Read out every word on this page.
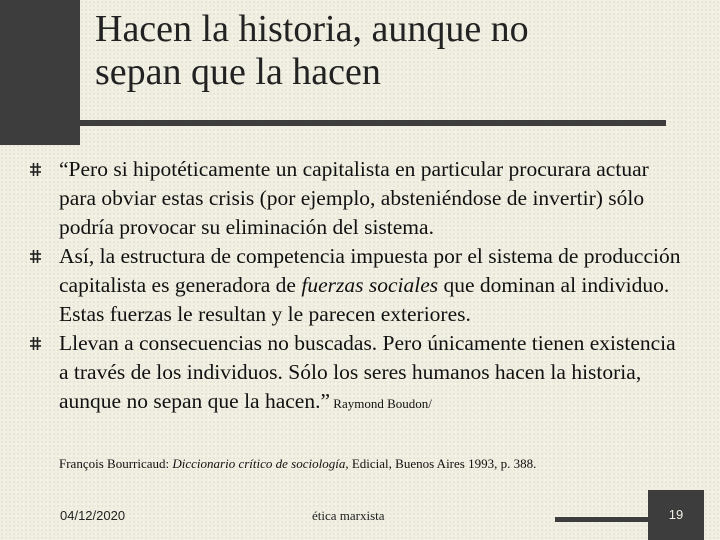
Hacen la historia, aunque no
sepan que la hacen
“Pero si hipotéticamente un capitalista en particular procurara actuar para obviar estas crisis (por ejemplo, absteniéndose de invertir) sólo podría provocar su eliminación del sistema.
Así, la estructura de competencia impuesta por el sistema de producción capitalista es generadora de fuerzas sociales que dominan al individuo. Estas fuerzas le resultan y le parecen exteriores.
Llevan a consecuencias no buscadas. Pero únicamente tienen existencia a través de los individuos. Sólo los seres humanos hacen la historia, aunque no sepan que la hacen.” Raymond Boudon/
François Bourricaud: Diccionario crítico de sociología, Edicial, Buenos Aires 1993, p. 388.
04/12/2020	ética marxista	19
